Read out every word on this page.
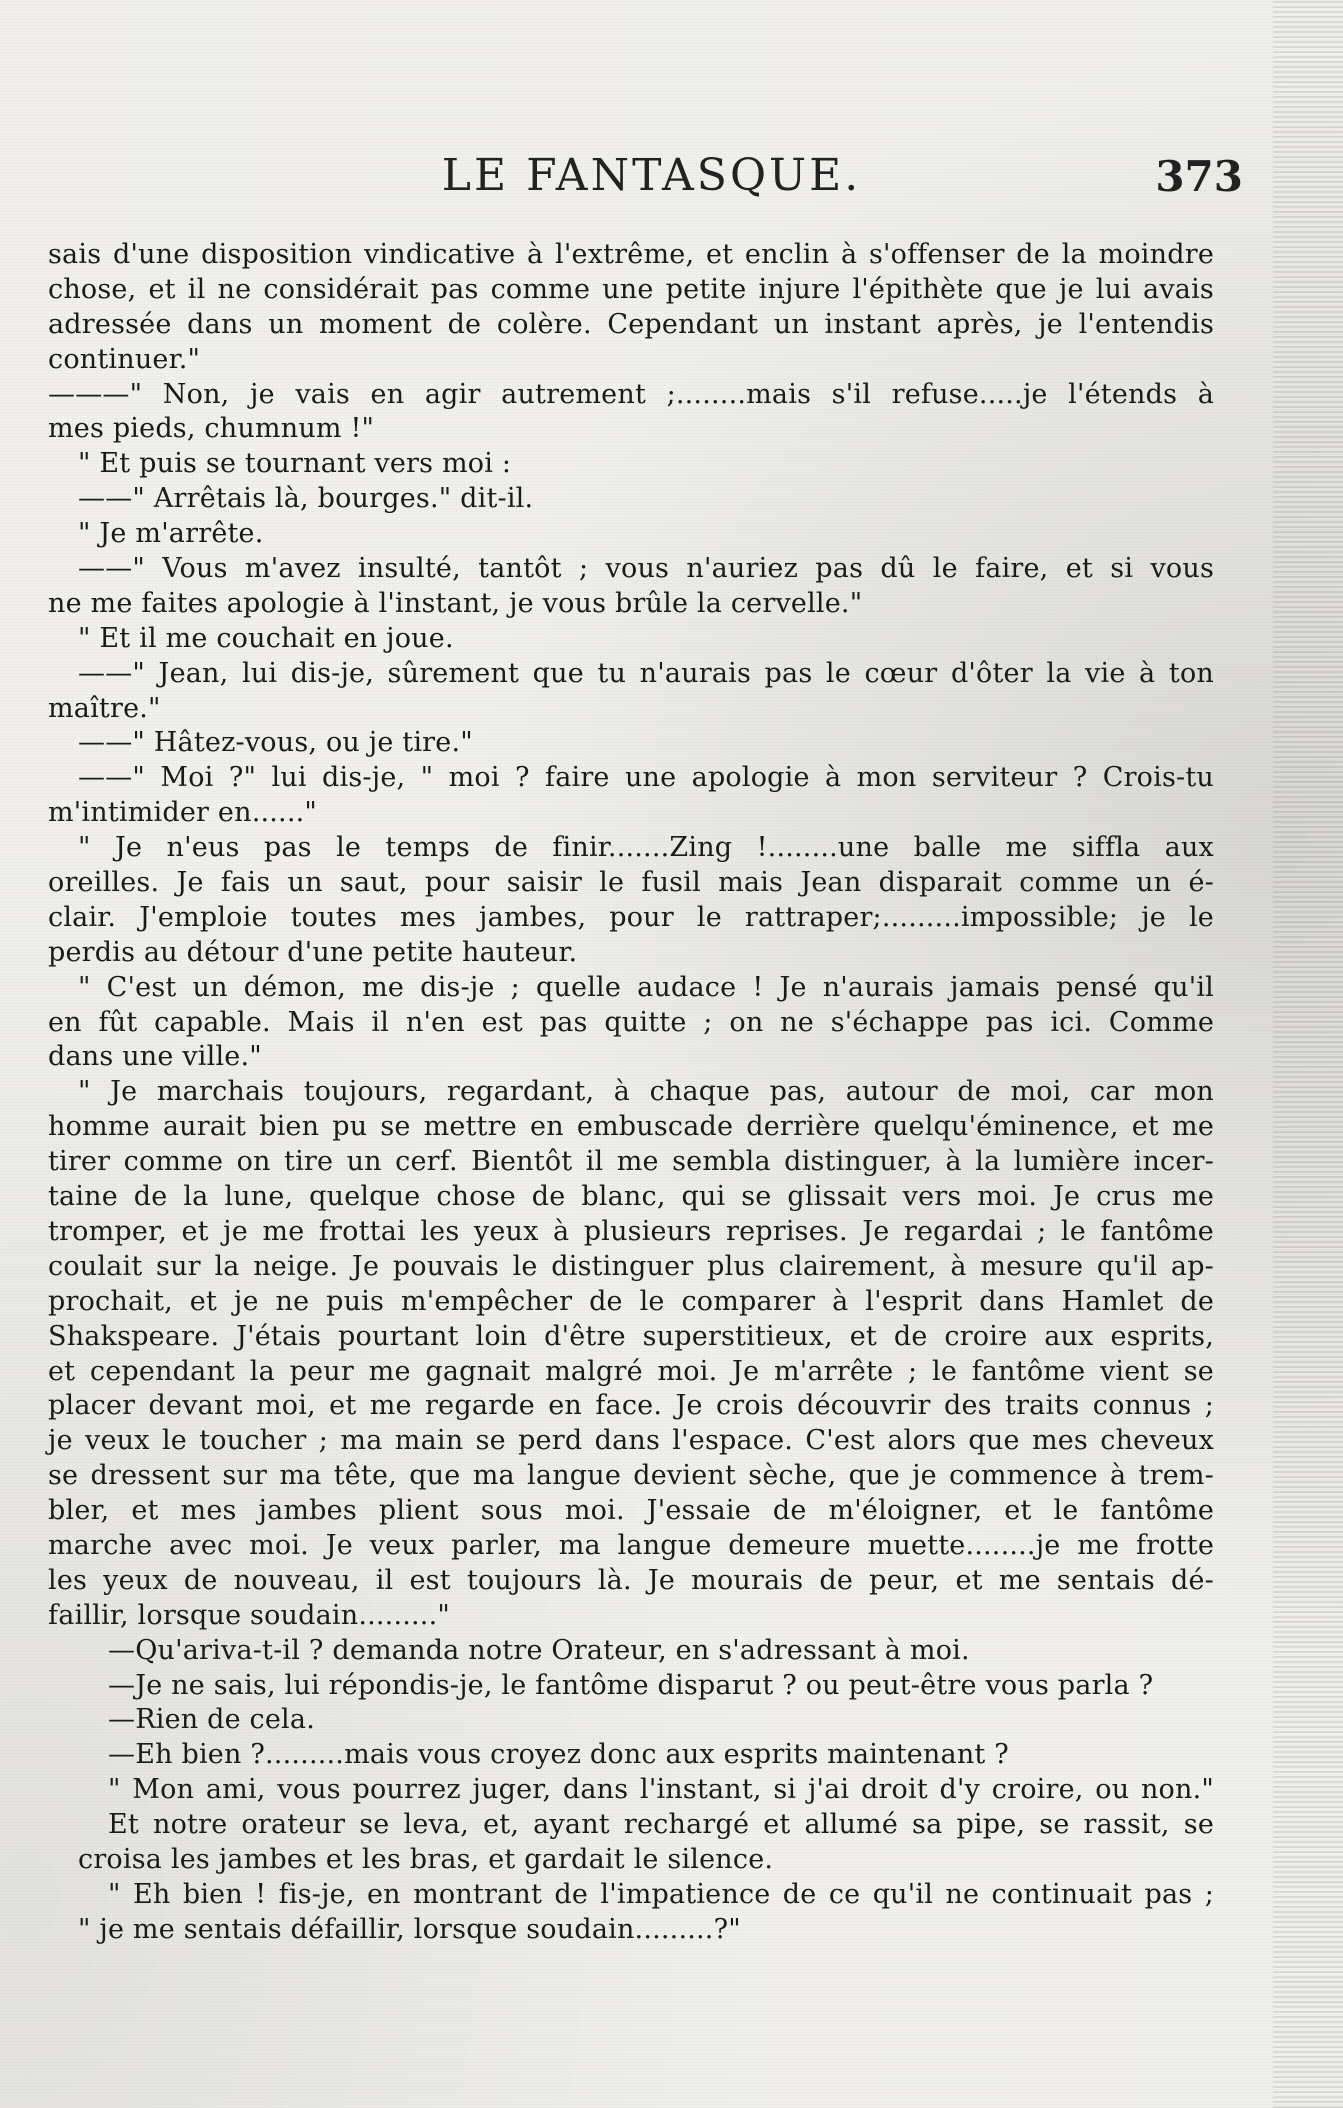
LE FANTASQUE.	373
sais d'une disposition vindicative à l'extrême, et enclin à s'offenser de la moindre
chose, et il ne considérait pas comme une petite injure l'épithète que je lui avais
adressée dans un moment de colère. Cependant un instant après, je l'entendis
continuer."
———" Non, je vais en agir autrement ;........mais s'il refuse.....je l'étends à
mes pieds, chumnum !"
" Et puis se tournant vers moi :
——" Arrêtais là, bourges." dit-il.
" Je m'arrête.
——" Vous m'avez insulté, tantôt ; vous n'auriez pas dû le faire, et si vous
ne me faites apologie à l'instant, je vous brûle la cervelle."
" Et il me couchait en joue.
——" Jean, lui dis-je, sûrement que tu n'aurais pas le cœur d'ôter la vie à ton
maître."
——" Hâtez-vous, ou je tire."
——" Moi ?" lui dis-je, " moi ? faire une apologie à mon serviteur ? Crois-tu
m'intimider en......"
" Je n'eus pas le temps de finir.......Zing !........une balle me siffla aux
oreilles. Je fais un saut, pour saisir le fusil mais Jean disparait comme un é-
clair. J'emploie toutes mes jambes, pour le rattraper;.........impossible; je le
perdis au détour d'une petite hauteur.
" C'est un démon, me dis-je ; quelle audace ! Je n'aurais jamais pensé qu'il
en fût capable. Mais il n'en est pas quitte ; on ne s'échappe pas ici. Comme
dans une ville."
" Je marchais toujours, regardant, à chaque pas, autour de moi, car mon
homme aurait bien pu se mettre en embuscade derrière quelqu'éminence, et me
tirer comme on tire un cerf. Bientôt il me sembla distinguer, à la lumière incer-
taine de la lune, quelque chose de blanc, qui se glissait vers moi. Je crus me
tromper, et je me frottai les yeux à plusieurs reprises. Je regardai ; le fantôme
coulait sur la neige. Je pouvais le distinguer plus clairement, à mesure qu'il ap-
prochait, et je ne puis m'empêcher de le comparer à l'esprit dans Hamlet de
Shakspeare. J'étais pourtant loin d'être superstitieux, et de croire aux esprits,
et cependant la peur me gagnait malgré moi. Je m'arrête ; le fantôme vient se
placer devant moi, et me regarde en face. Je crois découvrir des traits connus ;
je veux le toucher ; ma main se perd dans l'espace. C'est alors que mes cheveux
se dressent sur ma tête, que ma langue devient sèche, que je commence à trem-
bler, et mes jambes plient sous moi. J'essaie de m'éloigner, et le fantôme
marche avec moi. Je veux parler, ma langue demeure muette........je me frotte
les yeux de nouveau, il est toujours là. Je mourais de peur, et me sentais dé-
faillir, lorsque soudain........."
—Qu'ariva-t-il ? demanda notre Orateur, en s'adressant à moi.
—Je ne sais, lui répondis-je, le fantôme disparut ? ou peut-être vous parla ?
—Rien de cela.
—Eh bien ?.........mais vous croyez donc aux esprits maintenant ?
" Mon ami, vous pourrez juger, dans l'instant, si j'ai droit d'y croire, ou non."
Et notre orateur se leva, et, ayant rechargé et allumé sa pipe, se rassit, se
croisa les jambes et les bras, et gardait le silence.
" Eh bien ! fis-je, en montrant de l'impatience de ce qu'il ne continuait pas ;
" je me sentais défaillir, lorsque soudain.........?"
